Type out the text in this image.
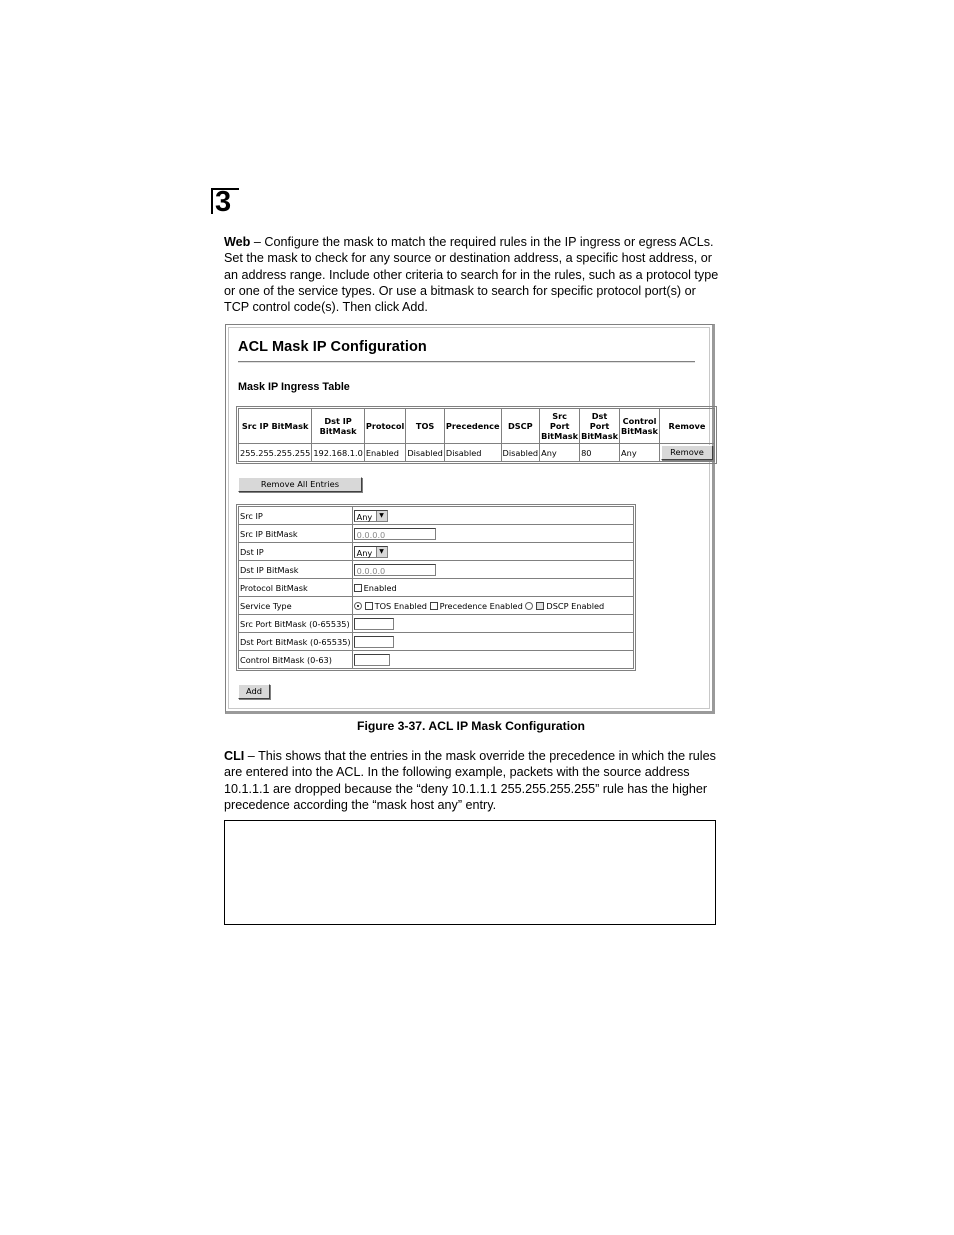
3

Web – Configure the mask to match the required rules in the IP ingress or egress ACLs. Set the mask to check for any source or destination address, a specific host address, or an address range. Include other criteria to search for in the rules, such as a protocol type or one of the service types. Or use a bitmask to search for specific protocol port(s) or TCP control code(s). Then click Add.

ACL Mask IP Configuration
Mask IP Ingress Table
Src IP BitMask	Dst IP BitMask	Protocol	TOS	Precedence	DSCP	Src Port BitMask	Dst Port BitMask	Control BitMask	Remove
255.255.255.255	192.168.1.0	Enabled	Disabled	Disabled	Disabled	Any	80	Any	Remove
Remove All Entries
Src IP	Any ▼

Src IP BitMask	0.0.0.0
Dst IP	Any ▼

Dst IP BitMask	0.0.0.0
Protocol BitMask	Enabled
Service Type	TOS Enabled Precedence Enabled DSCP Enabled
Src Port BitMask (0-65535)	
Dst Port BitMask (0-65535)	
Control BitMask (0-63)	
Add
Figure 3-37. ACL IP Mask Configuration

CLI – This shows that the entries in the mask override the precedence in which the rules are entered into the ACL. In the following example, packets with the source address 10.1.1.1 are dropped because the “deny 10.1.1.1 255.255.255.255” rule has the higher precedence according the “mask host any” entry.
